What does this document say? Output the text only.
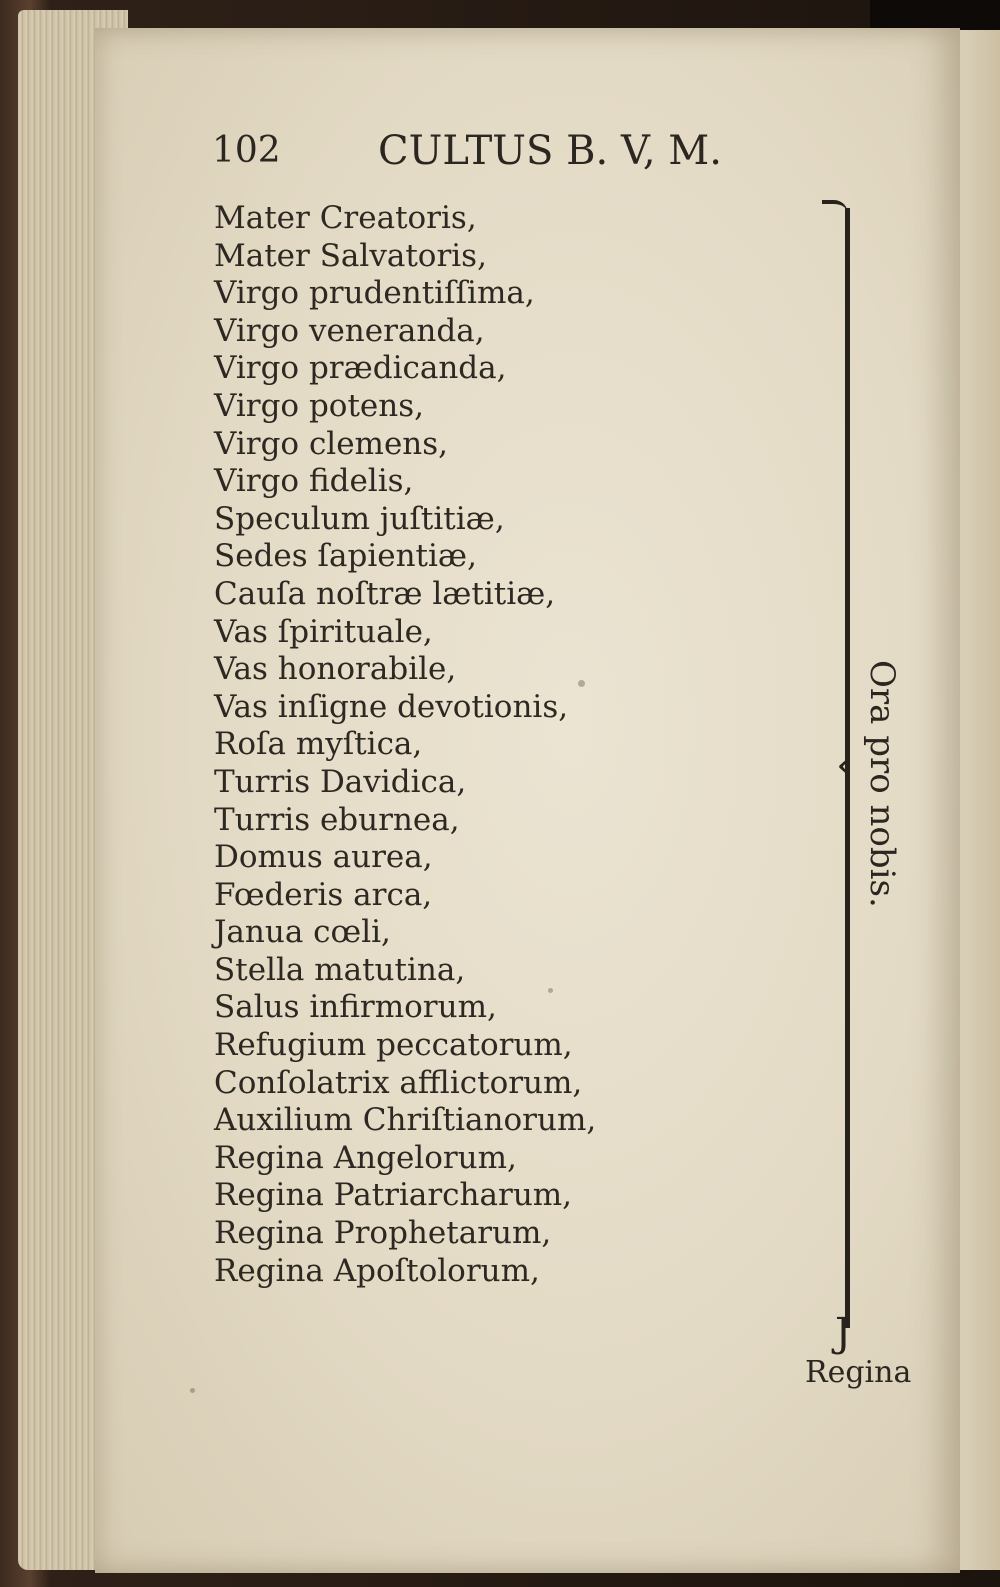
102 CULTUS B. V, M.
Mater Creatoris,
Mater Salvatoris,
Virgo prudentiſſima,
Virgo veneranda,
Virgo prædicanda,
Virgo potens,
Virgo clemens,
Virgo fidelis,
Speculum juſtitiæ,
Sedes ſapientiæ,
Cauſa noſtræ lætitiæ,
Vas ſpirituale,
Vas honorabile,
Vas inſigne devotionis,
Roſa myſtica,
Turris Davidica,
Turris eburnea,
Domus aurea,
Fœderis arca,
Janua cœli,
Stella matutina,
Salus infirmorum,
Refugium peccatorum,
Conſolatrix afflictorum,
Auxilium Chriſtianorum,
Regina Angelorum,
Regina Patriarcharum,
Regina Prophetarum,
Regina Apoſtolorum,
‹
J
Ora pro nobis.
Regina
